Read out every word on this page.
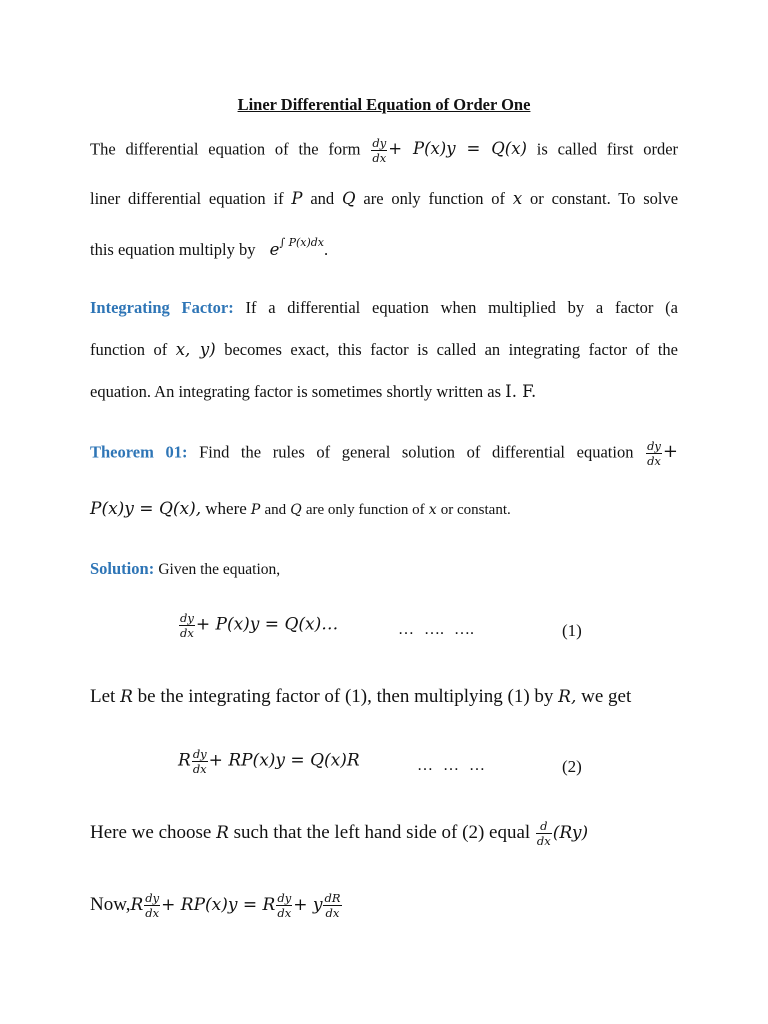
Liner Differential Equation of Order One
The differential equation of the form $\frac{dy}{dx} + P(x)y = Q(x)$ is called first order
liner differential equation if P and Q are only function of x or constant. To solve
this equation multiply by $e^{\int P(x)dx}$.
Integrating Factor: If a differential equation when multiplied by a factor (a
function of x, y) becomes exact, this factor is called an integrating factor of the
equation. An integrating factor is sometimes shortly written as I. F.
Theorem 01: Find the rules of general solution of differential equation $\frac{dy}{dx}$ +
P(x)y = Q(x), where P and Q are only function of x or constant.
Solution: Given the equation,
$\frac{dy}{dx} + P(x)y$ = Q(x)…	… …. ….	(1)
Let R be the integrating factor of (1), then multiplying (1) by R, we get
R $\frac{dy}{dx} + RP(x)y = Q(x)R$	… … …	(2)
Here we choose R such that the left hand side of (2) equal $\frac{d}{dx} (Ry)$
$Now,R \frac{dy}{dx} + RP(x)y = R \frac{dy}{dx} + y \frac{dR}{dx}$
